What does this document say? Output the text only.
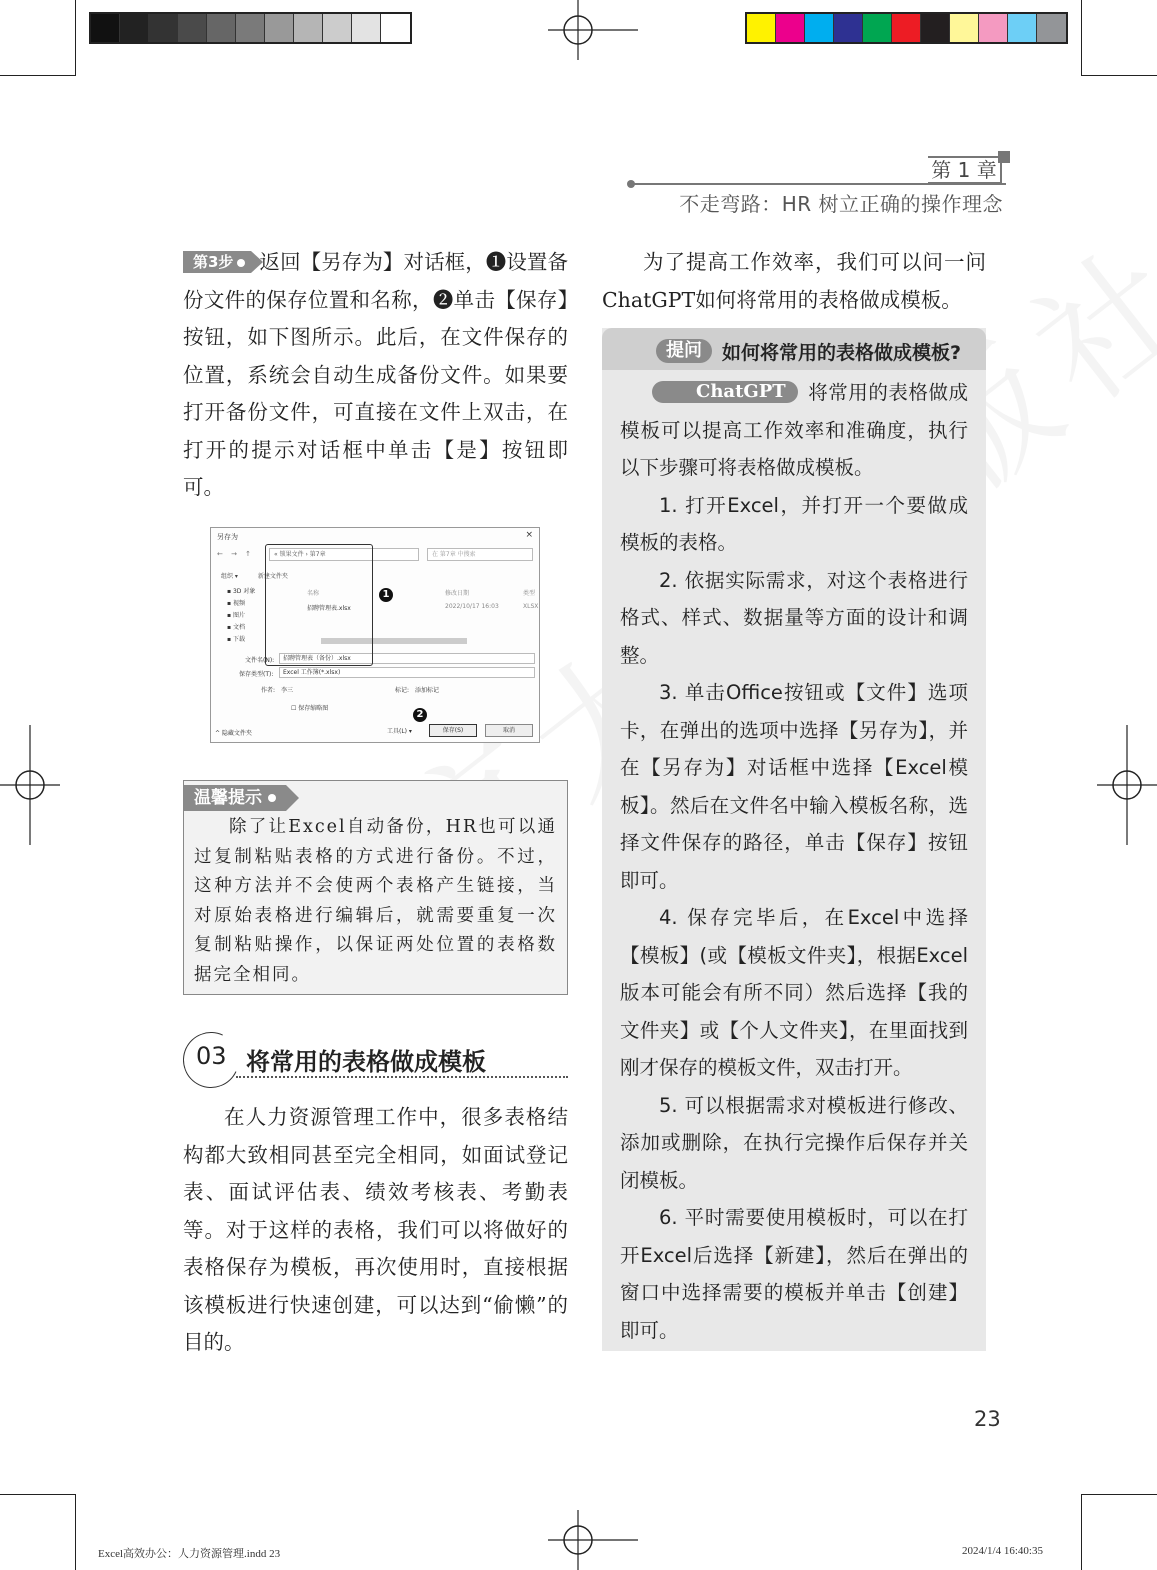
第 1 章
不走弯路：HR 树立正确的操作理念

第3步 返回【另存为】对话框，❶设置备份文件的保存位置和名称，❷单击【保存】按钮，如下图所示。此后，在文件保存的位置，系统会自动生成备份文件。如果要打开备份文件，可直接在文件上双击，在打开的提示对话框中单击【是】按钮即可。

另存为	×
← → ↑	« 锁果文件 › 第7章	在 第7章 中搜索
组织 ▾	新建文件夹
▪ 3D 对象
▪ 视频
▪ 图片
▪ 文档
▪ 下载
名称	修改日期	类型
招聘管理表.xlsx	2022/10/17 16:03	XLSX
文件名(N):	招聘管理表（备份）.xlsx
保存类型(T):	Excel 工作簿(*.xlsx)
作者: 李三	标记: 添加标记
☐ 保存缩略图
^ 隐藏文件夹	工具(L) ▾	保存(S)	取消
1
2
温馨提示

除了让Excel自动备份，HR也可以通过复制粘贴表格的方式进行备份。不过，这种方法并不会使两个表格产生链接，当对原始表格进行编辑后，就需要重复一次复制粘贴操作，以保证两处位置的表格数据完全相同。

03 将常用的表格做成模板

在人力资源管理工作中，很多表格结构都大致相同甚至完全相同，如面试登记表、面试评估表、绩效考核表、考勤表等。对于这样的表格，我们可以将做好的表格保存为模板，再次使用时，直接根据该模板进行快速创建，可以达到“偷懒”的目的。

为了提高工作效率，我们可以问一问ChatGPT如何将常用的表格做成模板。

提问	如何将常用的表格做成模板?

ChatGPT 将常用的表格做成模板可以提高工作效率和准确度，执行以下步骤可将表格做成模板。

1. 打开Excel，并打开一个要做成模板的表格。

2. 依据实际需求，对这个表格进行格式、样式、数据量等方面的设计和调整。

3. 单击Office按钮或【文件】选项卡，在弹出的选项中选择【另存为】，并在【另存为】对话框中选择【Excel模板】。然后在文件名中输入模板名称，选择文件保存的路径，单击【保存】按钮即可。

4. 保存完毕后，在Excel中选择【模板】(或【模板文件夹】，根据Excel版本可能会有所不同）然后选择【我的文件夹】或【个人文件夹】，在里面找到刚才保存的模板文件，双击打开。

5. 可以根据需求对模板进行修改、添加或删除，在执行完操作后保存并关闭模板。

6. 平时需要使用模板时，可以在打开Excel后选择【新建】，然后在弹出的窗口中选择需要的模板并单击【创建】即可。

23
Excel高效办公：人力资源管理.indd 23	2024/1/4 16:40:35
